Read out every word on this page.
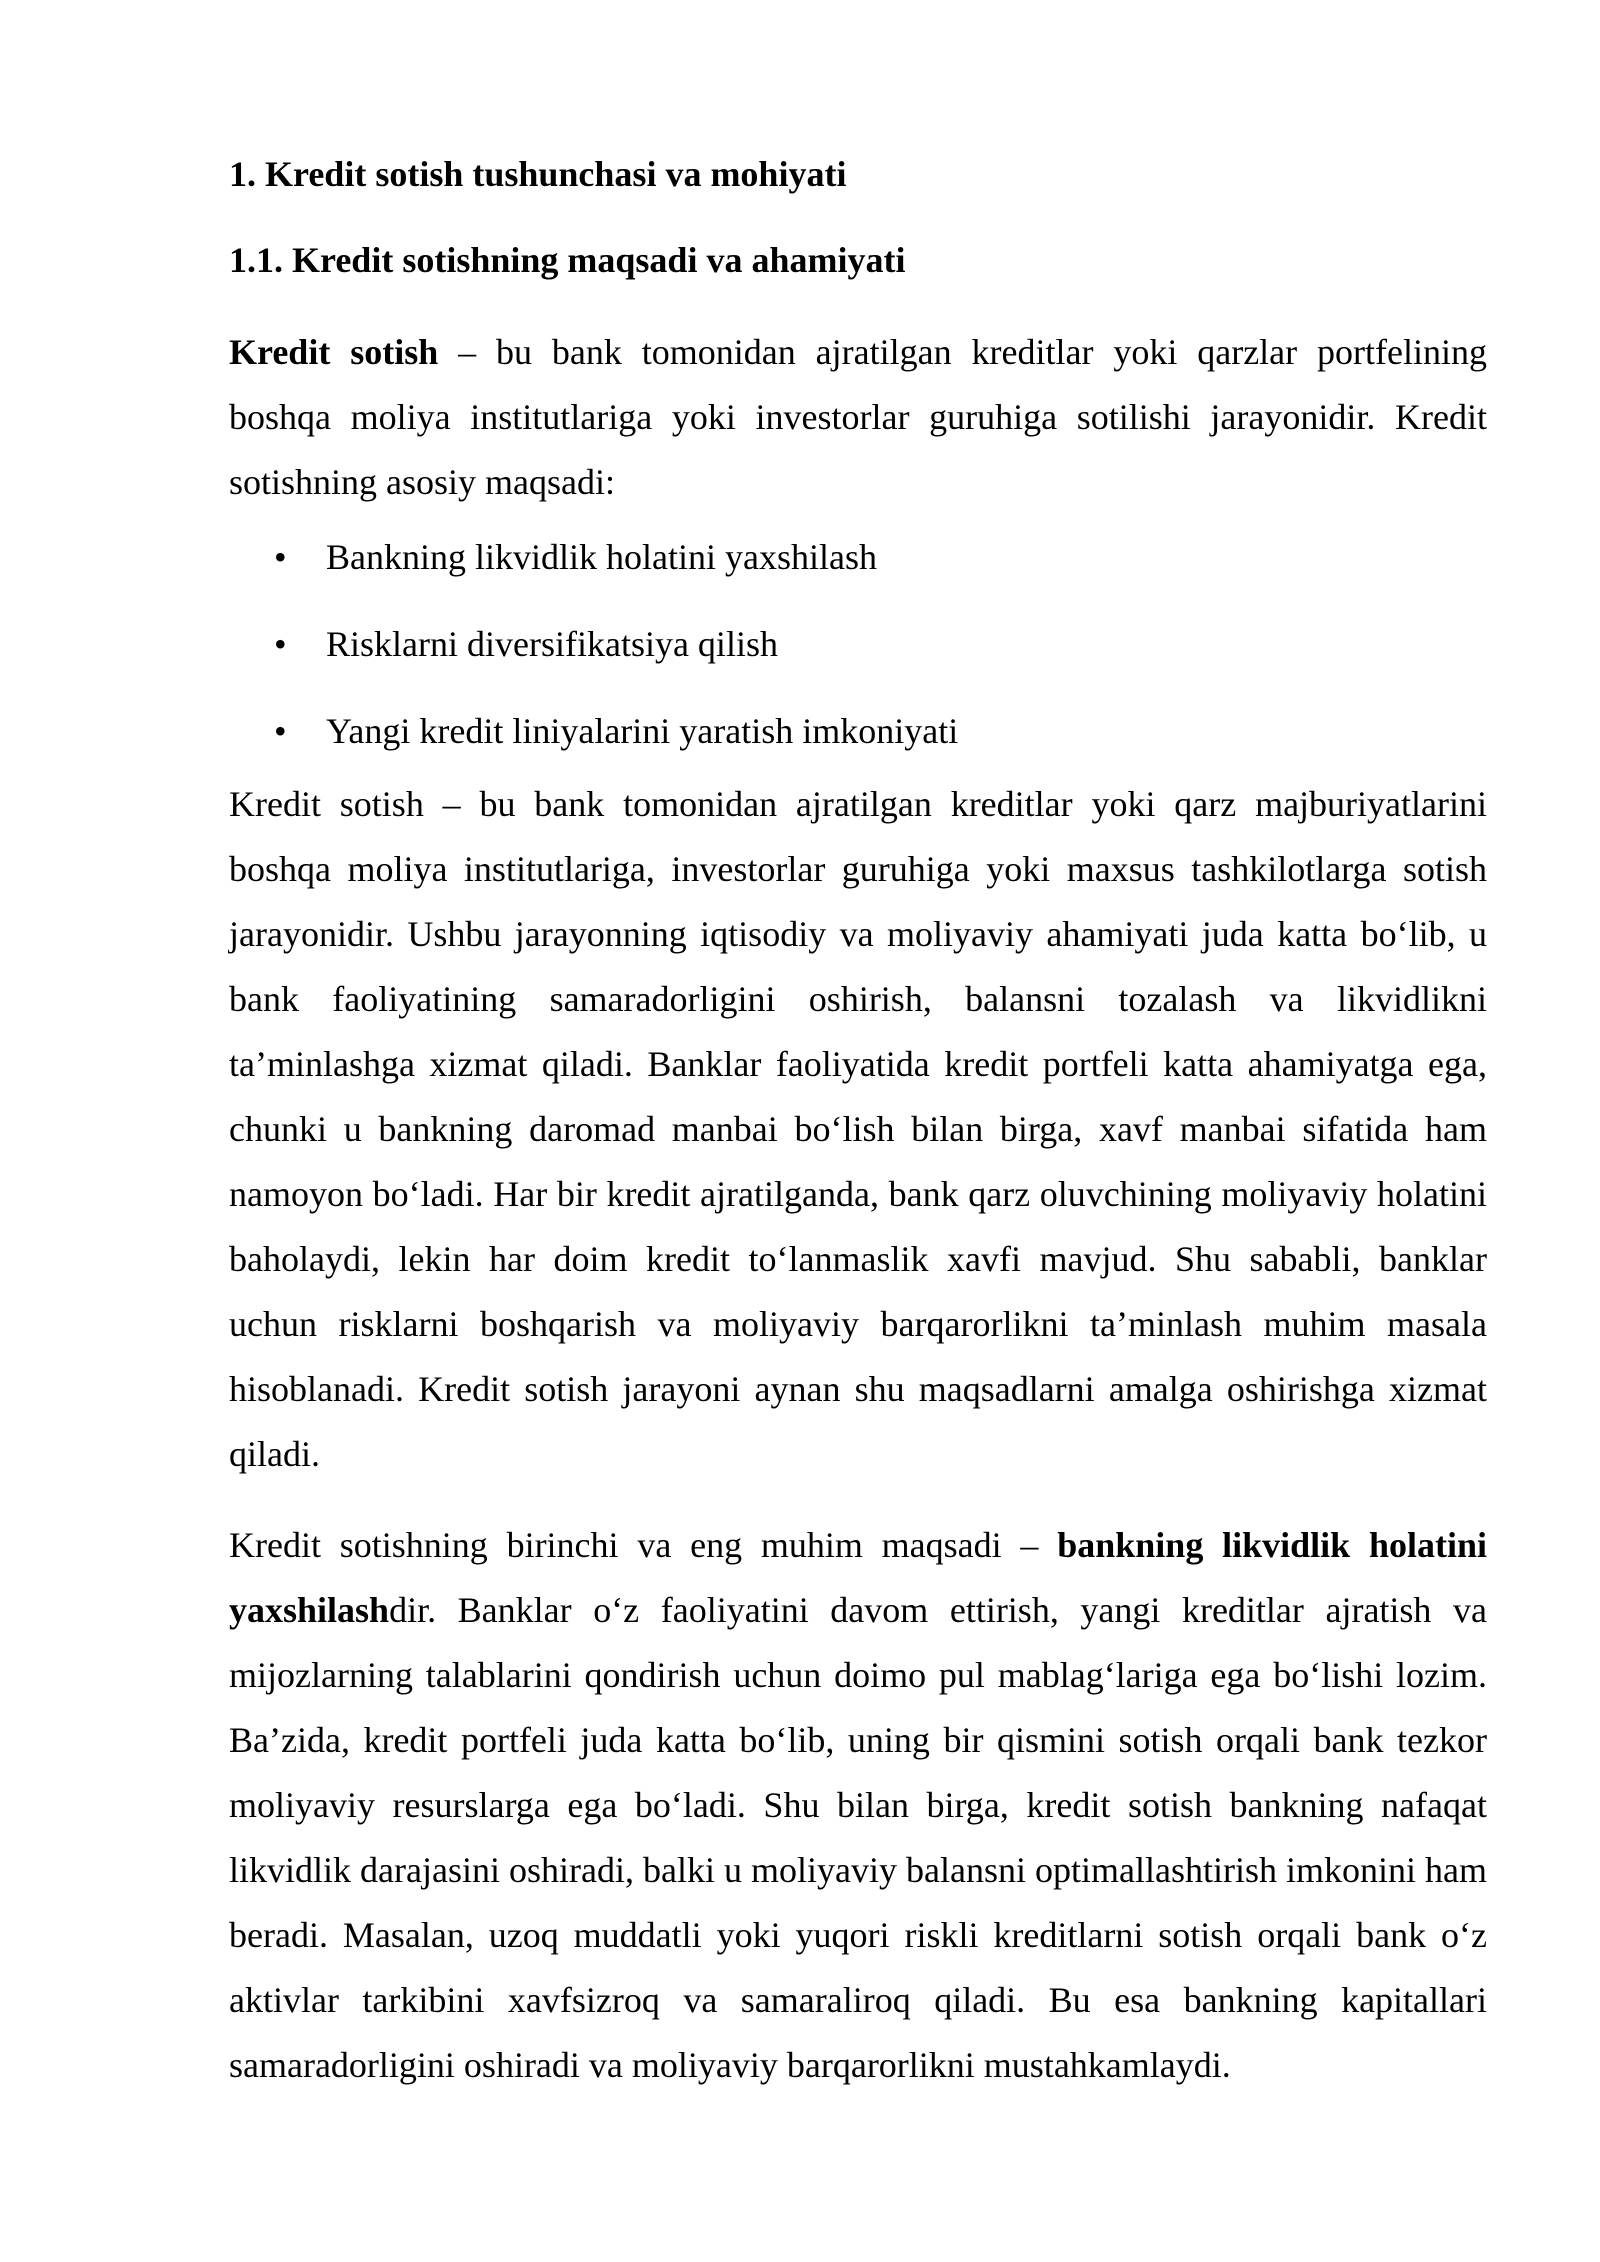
1. Kredit sotish tushunchasi va mohiyati
1.1. Kredit sotishning maqsadi va ahamiyati

Kredit sotish – bu bank tomonidan ajratilgan kreditlar yoki qarzlar portfelining boshqa moliya institutlariga yoki investorlar guruhiga sotilishi jarayonidir. Kredit sotishning asosiy maqsadi:

• Bankning likvidlik holatini yaxshilash
• Risklarni diversifikatsiya qilish
• Yangi kredit liniyalarini yaratish imkoniyati

Kredit sotish – bu bank tomonidan ajratilgan kreditlar yoki qarz majburiyatlarini boshqa moliya institutlariga, investorlar guruhiga yoki maxsus tashkilotlarga sotish jarayonidir. Ushbu jarayonning iqtisodiy va moliyaviy ahamiyati juda katta bo‘lib, u bank faoliyatining samaradorligini oshirish, balansni tozalash va likvidlikni ta’minlashga xizmat qiladi. Banklar faoliyatida kredit portfeli katta ahamiyatga ega, chunki u bankning daromad manbai bo‘lish bilan birga, xavf manbai sifatida ham namoyon bo‘ladi. Har bir kredit ajratilganda, bank qarz oluvchining moliyaviy holatini baholaydi, lekin har doim kredit to‘lanmaslik xavfi mavjud. Shu sababli, banklar uchun risklarni boshqarish va moliyaviy barqarorlikni ta’minlash muhim masala hisoblanadi. Kredit sotish jarayoni aynan shu maqsadlarni amalga oshirishga xizmat qiladi.

Kredit sotishning birinchi va eng muhim maqsadi – bankning likvidlik holatini yaxshilashdir. Banklar o‘z faoliyatini davom ettirish, yangi kreditlar ajratish va mijozlarning talablarini qondirish uchun doimo pul mablag‘lariga ega bo‘lishi lozim. Ba’zida, kredit portfeli juda katta bo‘lib, uning bir qismini sotish orqali bank tezkor moliyaviy resurslarga ega bo‘ladi. Shu bilan birga, kredit sotish bankning nafaqat likvidlik darajasini oshiradi, balki u moliyaviy balansni optimallashtirish imkonini ham beradi. Masalan, uzoq muddatli yoki yuqori riskli kreditlarni sotish orqali bank o‘z aktivlar tarkibini xavfsizroq va samaraliroq qiladi. Bu esa bankning kapitallari samaradorligini oshiradi va moliyaviy barqarorlikni mustahkamlaydi.
